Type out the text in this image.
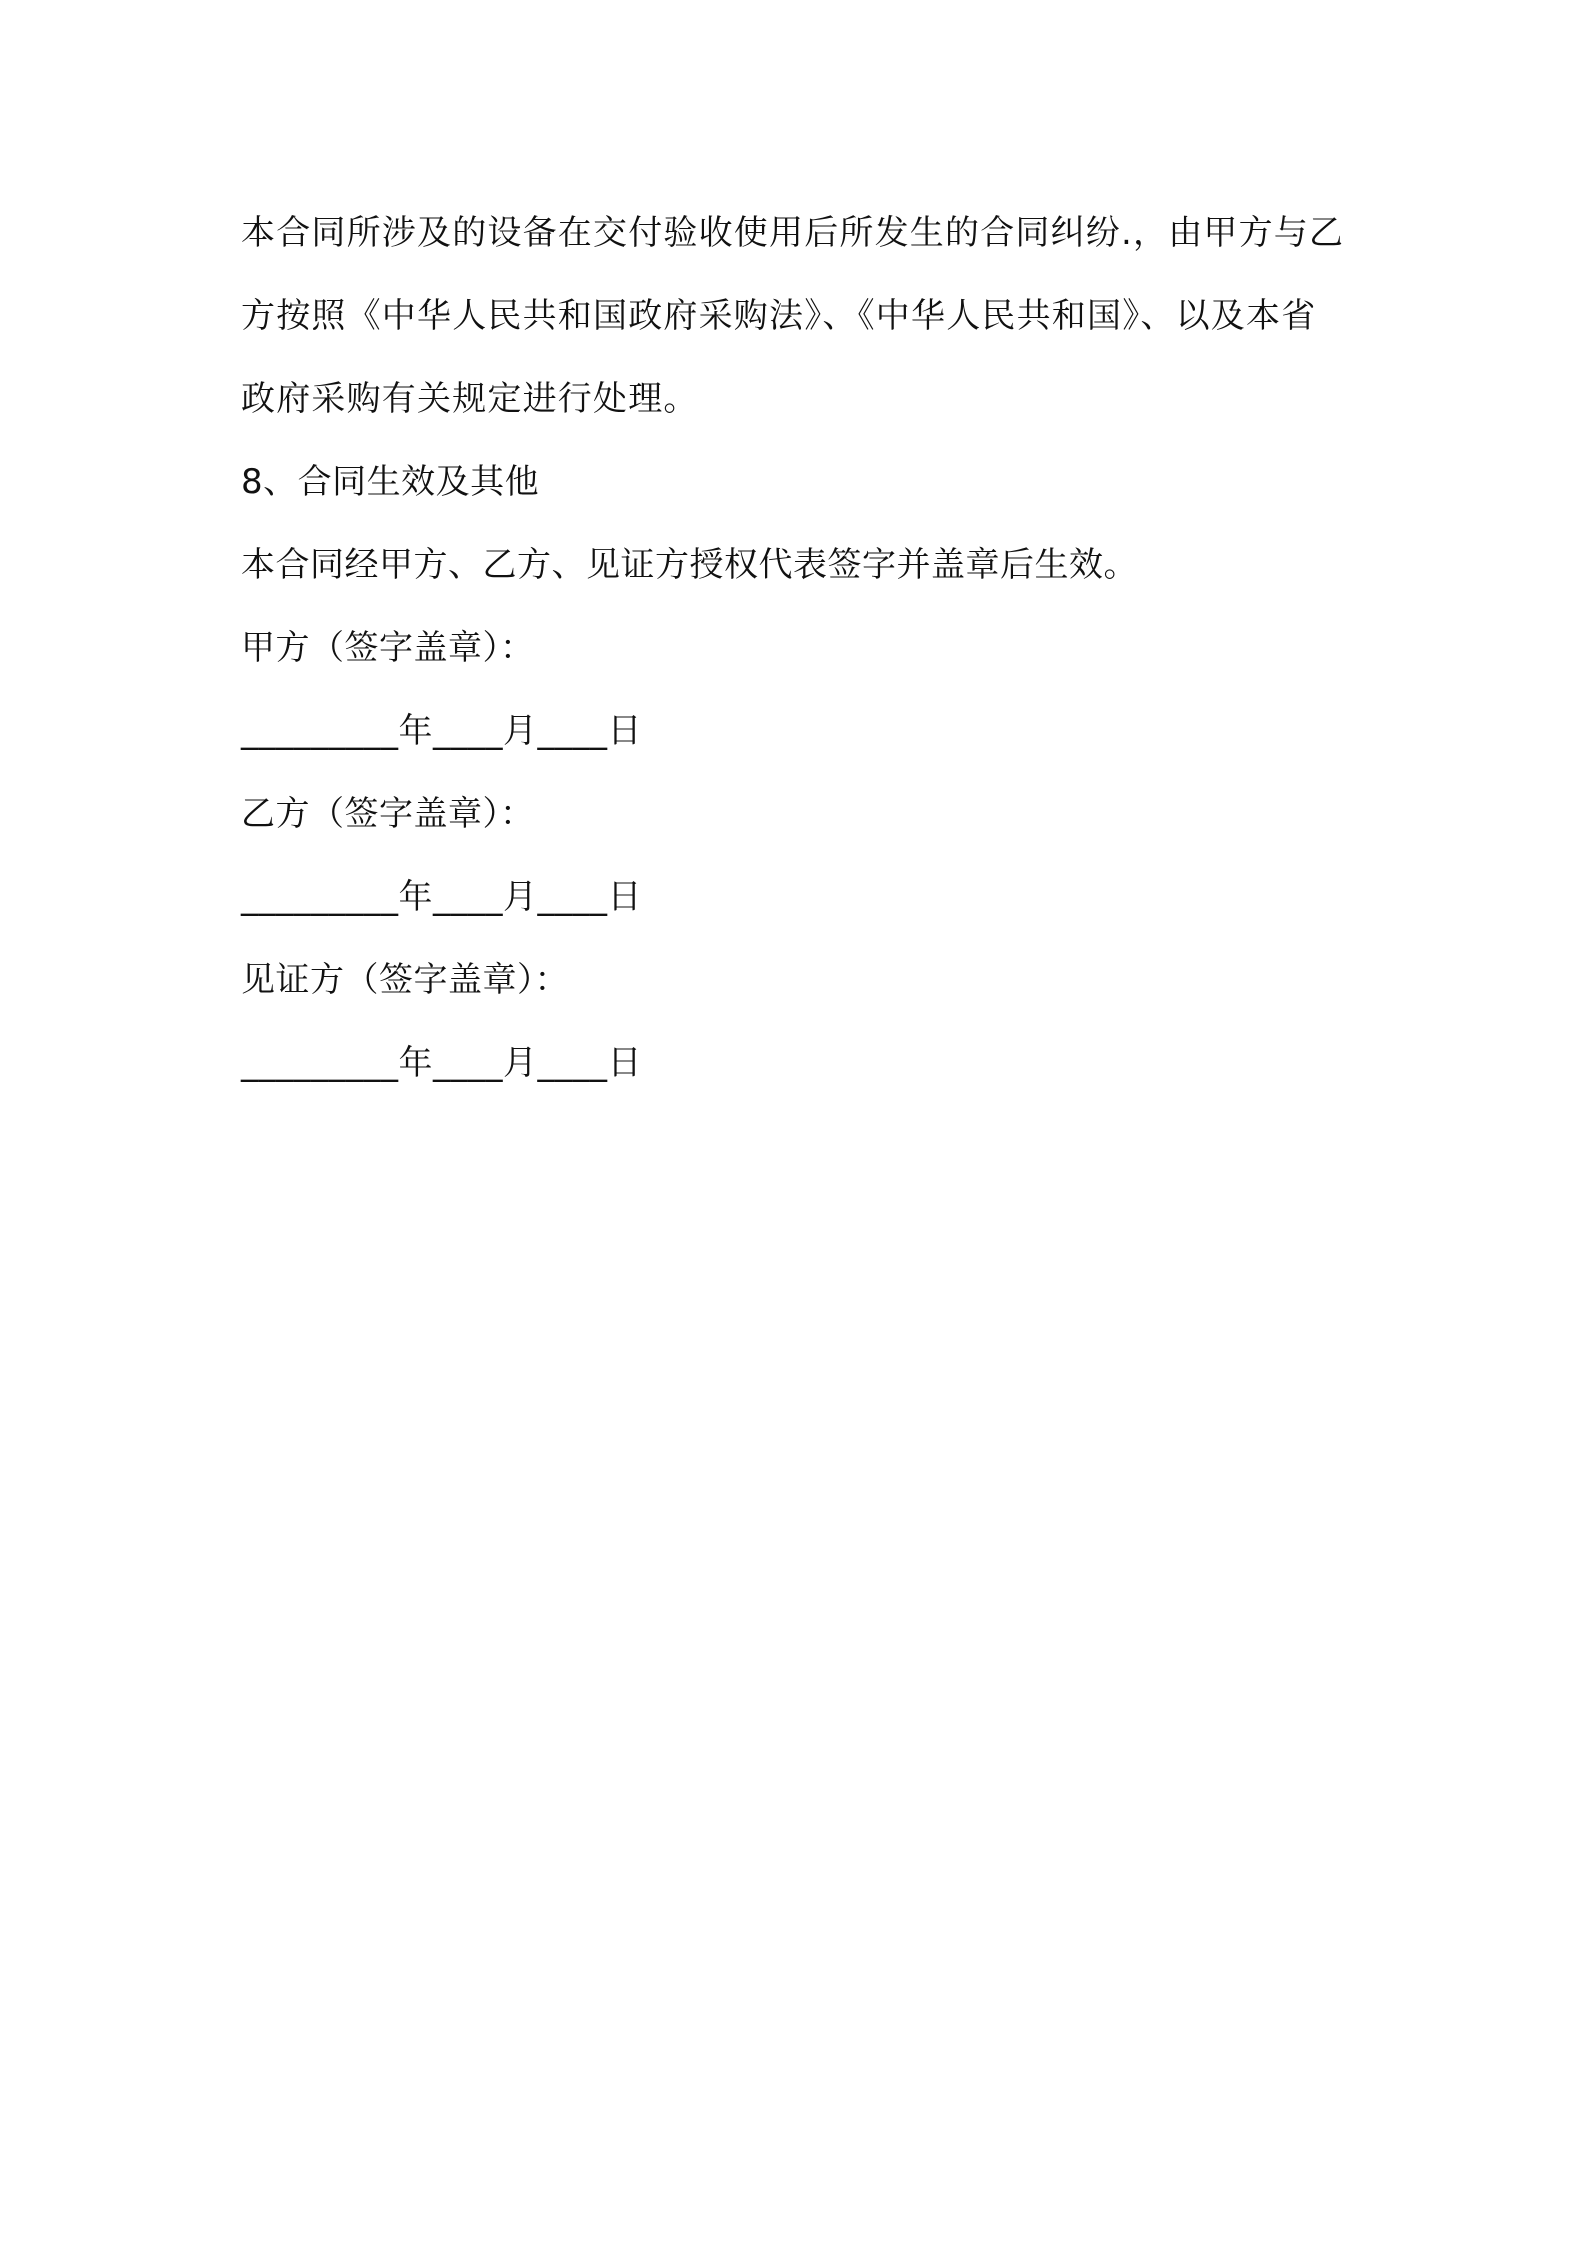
本合同所涉及的设备在交付验收使用后所发生的合同纠纷.，由甲方与乙方按照《中华人民共和国政府采购法》、《中华人民共和国》、以及本省政府采购有关规定进行处理。
8、合同生效及其他
本合同经甲方、乙方、见证方授权代表签字并盖章后生效。
甲方（签字盖章）：
_________年____月____日
乙方（签字盖章）：
_________年____月____日
见证方（签字盖章）：
_________年____月____日
